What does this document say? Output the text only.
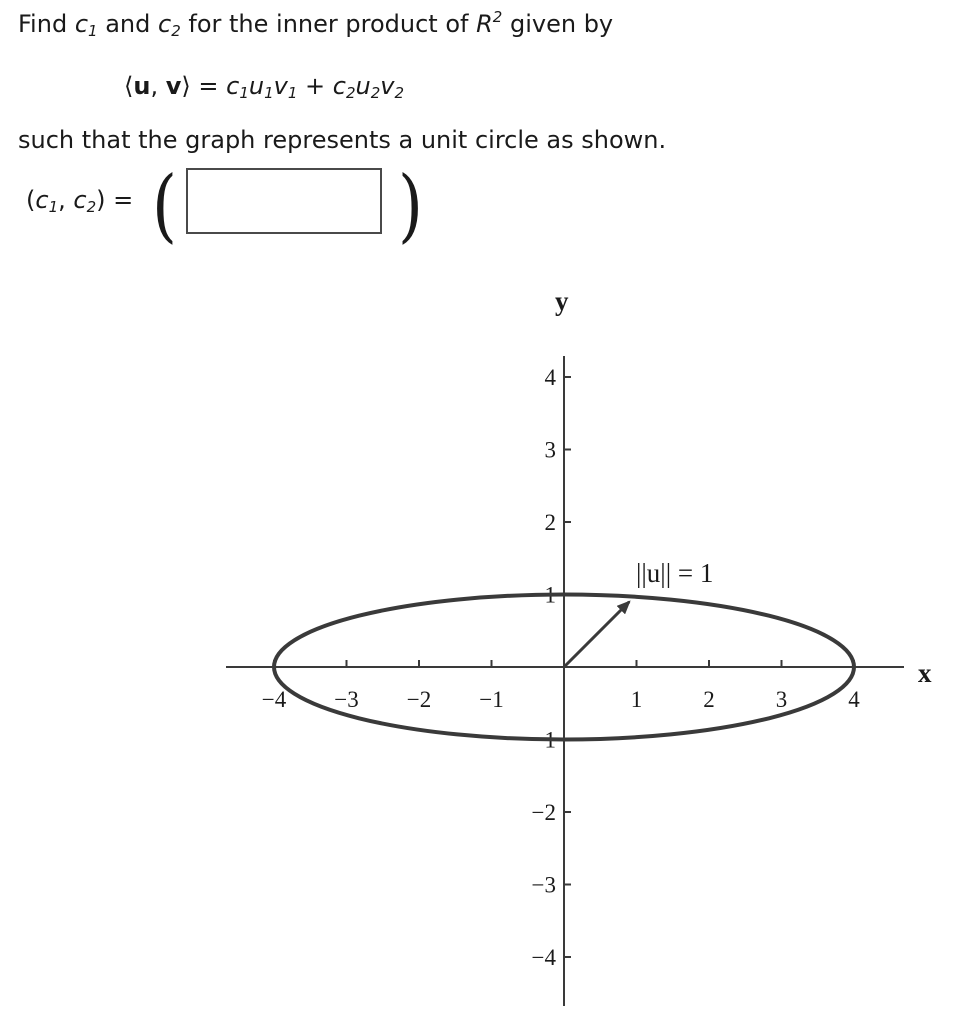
Find $c_1$ and $c_2$ for the inner product of $R^2$ given by
⟨u, v⟩ = $c_1u_1v_1 + c_2u_2v_2$
such that the graph represents a unit circle as shown.
($c_1$, $c_2$) = (	)
−4 −3 −2 −1	1	2	3	4
−4
−3
−2
−1
1
2
3
4
||u|| = 1
x
y
